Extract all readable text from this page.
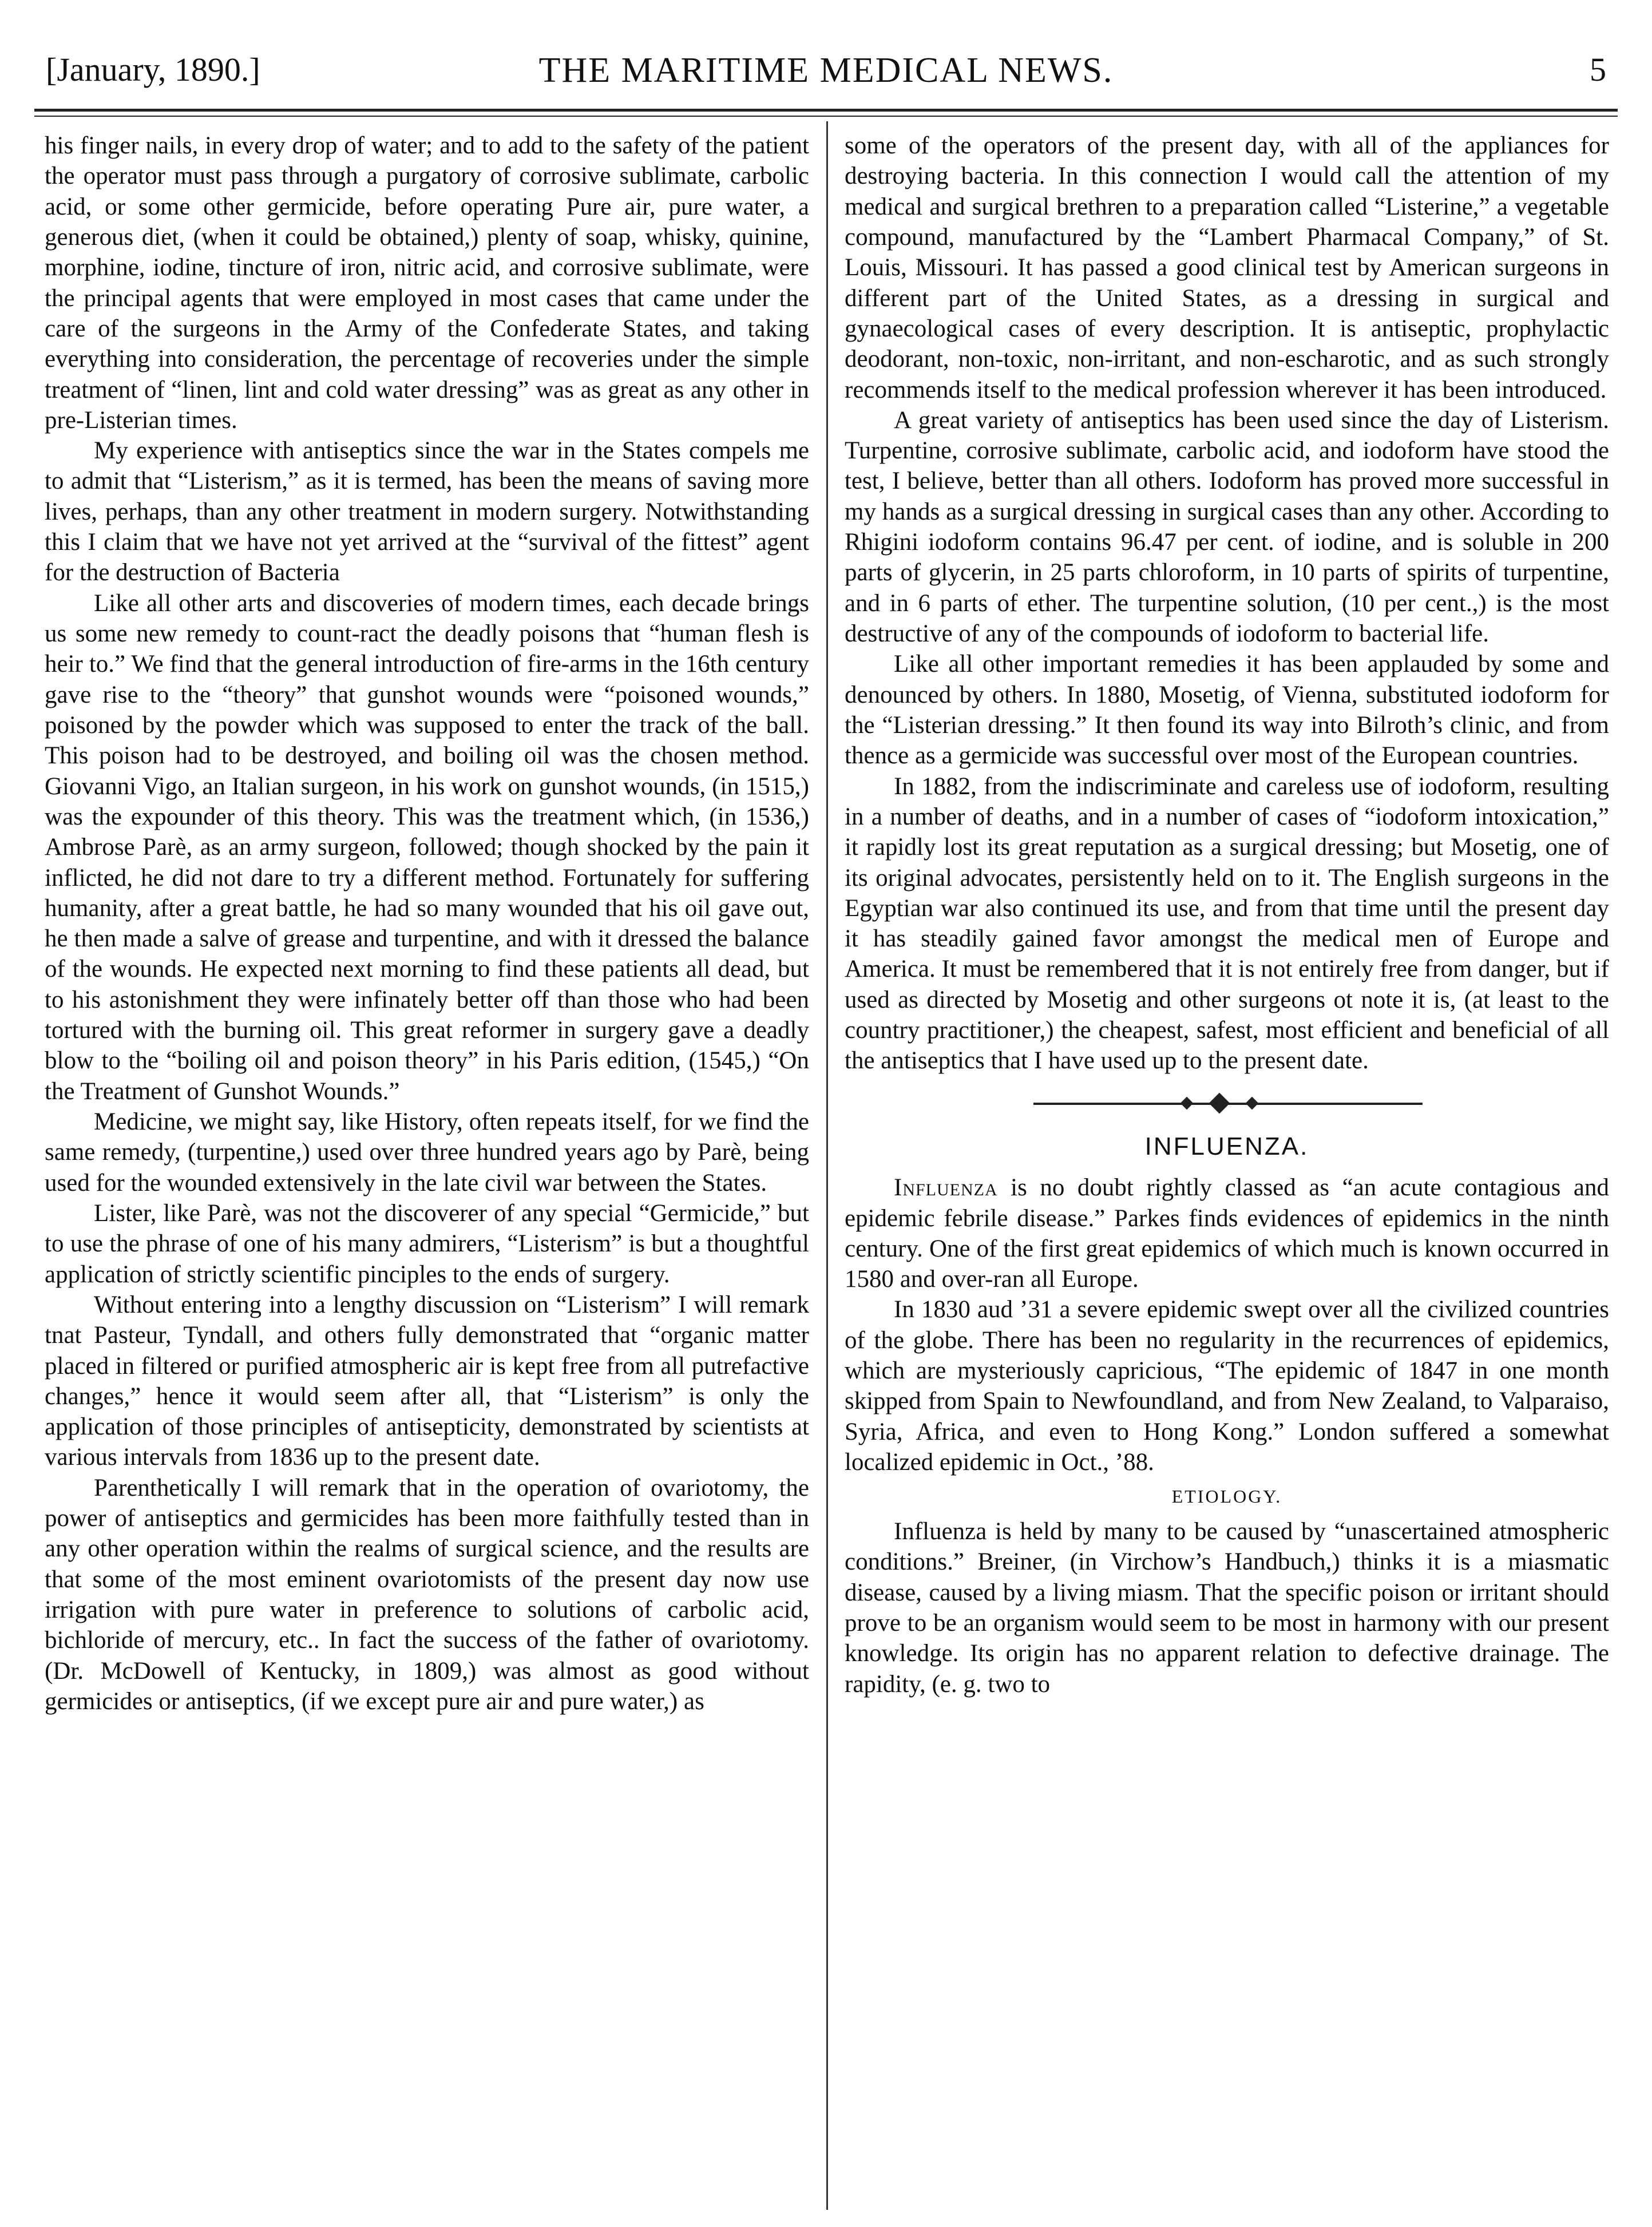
[January, 1890.]	THE MARITIME MEDICAL NEWS.	5

his finger nails, in every drop of water; and to add to the safety of the patient the operator must pass through a purgatory of corrosive sublimate, carbolic acid, or some other germicide, before operating Pure air, pure water, a generous diet, (when it could be obtained,) plenty of soap, whisky, quinine, morphine, iodine, tincture of iron, nitric acid, and corrosive sublimate, were the principal agents that were employed in most cases that came under the care of the surgeons in the Army of the Confederate States, and taking everything into consideration, the percentage of recoveries under the simple treatment of “linen, lint and cold water dressing” was as great as any other in pre-Listerian times.

My experience with antiseptics since the war in the States compels me to admit that “Listerism,” as it is termed, has been the means of saving more lives, perhaps, than any other treatment in modern surgery. Notwithstanding this I claim that we have not yet arrived at the “survival of the fittest” agent for the destruction of Bacteria

Like all other arts and discoveries of modern times, each decade brings us some new remedy to count-ract the deadly poisons that “human flesh is heir to.” We find that the general introduction of fire-arms in the 16th century gave rise to the “theory” that gunshot wounds were “poisoned wounds,” poisoned by the powder which was supposed to enter the track of the ball. This poison had to be destroyed, and boiling oil was the chosen method. Giovanni Vigo, an Italian surgeon, in his work on gunshot wounds, (in 1515,) was the expounder of this theory. This was the treatment which, (in 1536,) Ambrose Parè, as an army surgeon, followed; though shocked by the pain it inflicted, he did not dare to try a different method. Fortunately for suffering humanity, after a great battle, he had so many wounded that his oil gave out, he then made a salve of grease and turpentine, and with it dressed the balance of the wounds. He expected next morning to find these patients all dead, but to his astonishment they were infinately better off than those who had been tortured with the burning oil. This great reformer in surgery gave a deadly blow to the “boiling oil and poison theory” in his Paris edition, (1545,) “On the Treatment of Gunshot Wounds.”

Medicine, we might say, like History, often repeats itself, for we find the same remedy, (turpentine,) used over three hundred years ago by Parè, being used for the wounded extensively in the late civil war between the States.

Lister, like Parè, was not the discoverer of any special “Germicide,” but to use the phrase of one of his many admirers, “Listerism” is but a thoughtful application of strictly scientific pinciples to the ends of surgery.

Without entering into a lengthy discussion on “Listerism” I will remark tnat Pasteur, Tyndall, and others fully demonstrated that “organic matter placed in filtered or purified atmospheric air is kept free from all putrefactive changes,” hence it would seem after all, that “Listerism” is only the application of those principles of antisepticity, demonstrated by scientists at various intervals from 1836 up to the present date.

Parenthetically I will remark that in the operation of ovariotomy, the power of antiseptics and germicides has been more faithfully tested than in any other operation within the realms of surgical science, and the results are that some of the most eminent ovariotomists of the present day now use irrigation with pure water in preference to solutions of carbolic acid, bichloride of mercury, etc.. In fact the success of the father of ovariotomy. (Dr. McDowell of Kentucky, in 1809,) was almost as good without germicides or antiseptics, (if we except pure air and pure water,) as

some of the operators of the present day, with all of the appliances for destroying bacteria. In this connection I would call the attention of my medical and surgical brethren to a preparation called “Listerine,” a vegetable compound, manufactured by the “Lambert Pharmacal Company,” of St. Louis, Missouri. It has passed a good clinical test by American surgeons in different part of the United States, as a dressing in surgical and gynaecological cases of every description. It is antiseptic, prophylactic deodorant, non-toxic, non-irritant, and non-escharotic, and as such strongly recommends itself to the medical profession wherever it has been introduced.

A great variety of antiseptics has been used since the day of Listerism. Turpentine, corrosive sublimate, carbolic acid, and iodoform have stood the test, I believe, better than all others. Iodoform has proved more successful in my hands as a surgical dressing in surgical cases than any other. According to Rhigini iodoform contains 96.47 per cent. of iodine, and is soluble in 200 parts of glycerin, in 25 parts chloroform, in 10 parts of spirits of turpentine, and in 6 parts of ether. The turpentine solution, (10 per cent.,) is the most destructive of any of the compounds of iodoform to bacterial life.

Like all other important remedies it has been applauded by some and denounced by others. In 1880, Mosetig, of Vienna, substituted iodoform for the “Listerian dressing.” It then found its way into Bilroth’s clinic, and from thence as a germicide was successful over most of the European countries.

In 1882, from the indiscriminate and careless use of iodoform, resulting in a number of deaths, and in a number of cases of “iodoform intoxication,” it rapidly lost its great reputation as a surgical dressing; but Mosetig, one of its original advocates, persistently held on to it. The English surgeons in the Egyptian war also continued its use, and from that time until the present day it has steadily gained favor amongst the medical men of Europe and America. It must be remembered that it is not entirely free from danger, but if used as directed by Mosetig and other surgeons ot note it is, (at least to the country practitioner,) the cheapest, safest, most efficient and beneficial of all the antiseptics that I have used up to the present date.

INFLUENZA.

Influenza is no doubt rightly classed as “an acute contagious and epidemic febrile disease.” Parkes finds evidences of epidemics in the ninth century. One of the first great epidemics of which much is known occurred in 1580 and over-ran all Europe.

In 1830 aud ’31 a severe epidemic swept over all the civilized countries of the globe. There has been no regularity in the recurrences of epidemics, which are mysteriously capricious, “The epidemic of 1847 in one month skipped from Spain to Newfoundland, and from New Zealand, to Valparaiso, Syria, Africa, and even to Hong Kong.” London suffered a somewhat localized epidemic in Oct., ’88.

ETIOLOGY.

Influenza is held by many to be caused by “unascertained atmospheric conditions.” Breiner, (in Virchow’s Handbuch,) thinks it is a miasmatic disease, caused by a living miasm. That the specific poison or irritant should prove to be an organism would seem to be most in harmony with our present knowledge. Its origin has no apparent relation to defective drainage. The rapidity, (e. g. two to
